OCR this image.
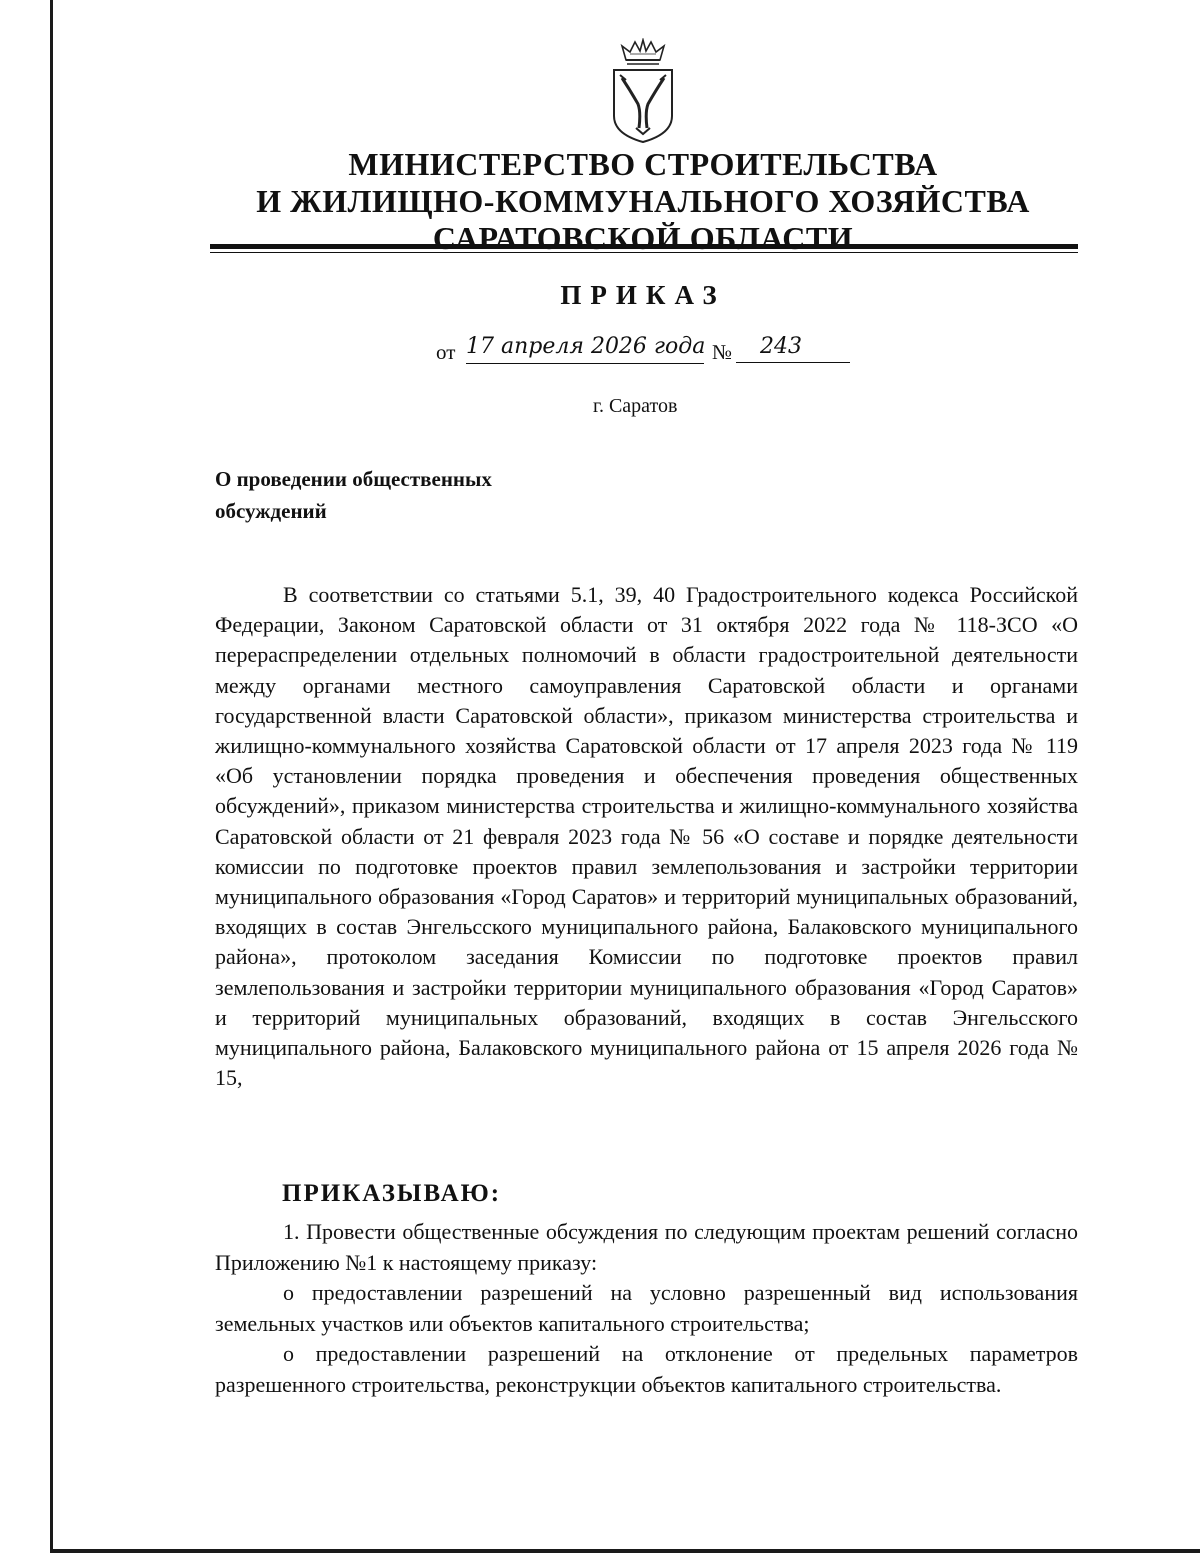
МИНИСТЕРСТВО СТРОИТЕЛЬСТВА
И ЖИЛИЩНО-КОММУНАЛЬНОГО ХОЗЯЙСТВА
САРАТОВСКОЙ ОБЛАСТИ
ПРИКАЗ
от 17 апреля 2026 года №	243
г. Саратов
О проведении общественных
обсуждений
В соответствии со статьями 5.1, 39, 40 Градостроительного кодекса Российской Федерации, Законом Саратовской области от 31 октября 2022 года № 118-ЗСО «О перераспределении отдельных полномочий в области градостроительной деятельности между органами местного самоуправления Саратовской области и органами государственной власти Саратовской области», приказом министерства строительства и жилищно-коммунального хозяйства Саратовской области от 17 апреля 2023 года № 119 «Об установлении порядка проведения и обеспечения проведения общественных обсуждений», приказом министерства строительства и жилищно-коммунального хозяйства Саратовской области от 21 февраля 2023 года № 56 «О составе и порядке деятельности комиссии по подготовке проектов правил землепользования и застройки территории муниципального образования «Город Саратов» и территорий муниципальных образований, входящих в состав Энгельсского муниципального района, Балаковского муниципального района», протоколом заседания Комиссии по подготовке проектов правил землепользования и застройки территории муниципального образования «Город Саратов» и территорий муниципальных образований, входящих в состав Энгельсского муниципального района, Балаковского муниципального района от 15 апреля 2026 года № 15,
ПРИКАЗЫВАЮ:

1. Провести общественные обсуждения по следующим проектам решений согласно Приложению №1 к настоящему приказу:

о предоставлении разрешений на условно разрешенный вид использования земельных участков или объектов капитального строительства;

о предоставлении разрешений на отклонение от предельных параметров разрешенного строительства, реконструкции объектов капитального строительства.
